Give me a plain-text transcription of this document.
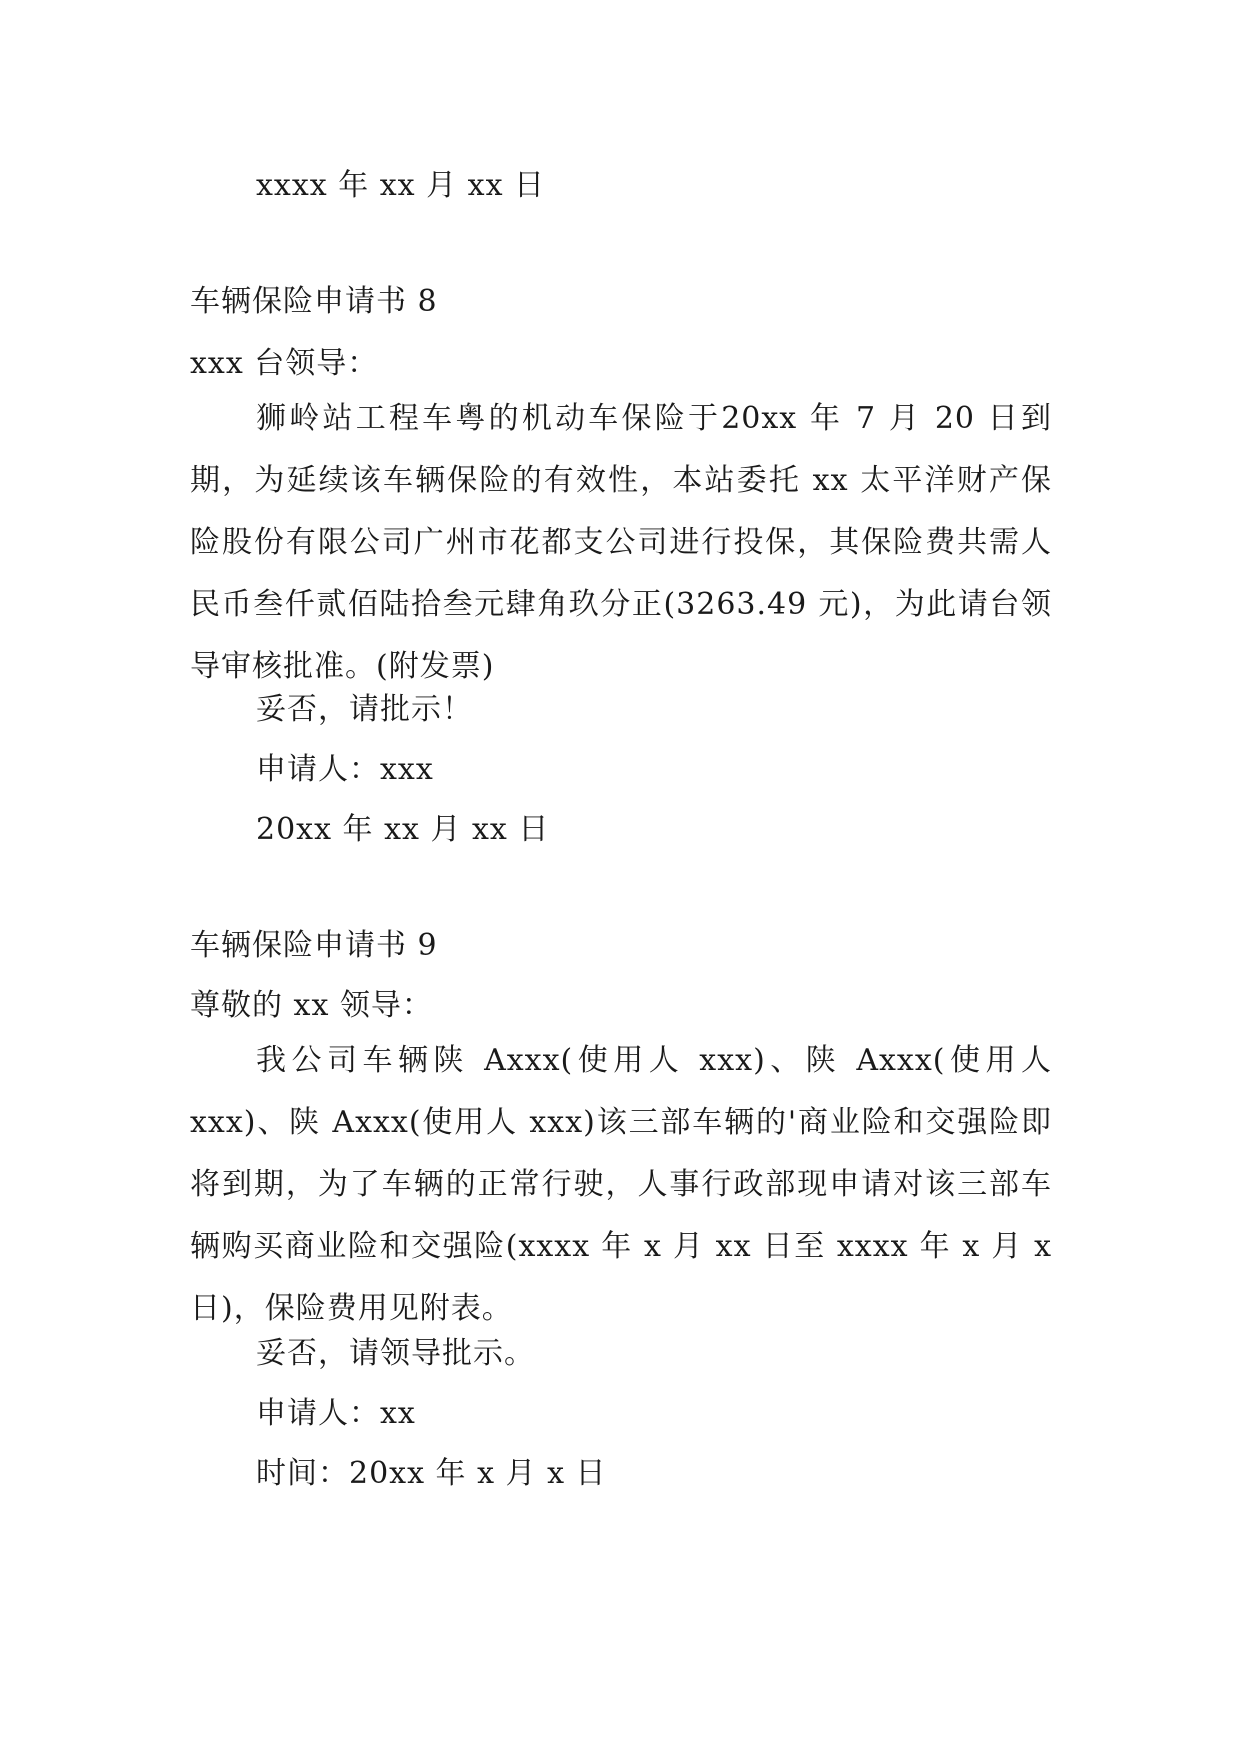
xxxx 年 xx 月 xx 日
车辆保险申请书 8
xxx 台领导：
狮岭站工程车粤的机动车保险于20xx 年 7 月 20 日到期，为延续该车辆保险的有效性，本站委托 xx 太平洋财产保险股份有限公司广州市花都支公司进行投保，其保险费共需人民币叁仟贰佰陆拾叁元肆角玖分正(3263.49 元)，为此请台领导审核批准。(附发票)
妥否，请批示！
申请人：xxx
20xx 年 xx 月 xx 日
车辆保险申请书 9
尊敬的 xx 领导：
我公司车辆陕 Axxx(使用人 xxx)、陕 Axxx(使用人 xxx)、陕 Axxx(使用人 xxx)该三部车辆的'商业险和交强险即将到期，为了车辆的正常行驶，人事行政部现申请对该三部车辆购买商业险和交强险(xxxx 年 x 月 xx 日至 xxxx 年 x 月 x 日)，保险费用见附表。
妥否，请领导批示。
申请人：xx
时间：20xx 年 x 月 x 日
